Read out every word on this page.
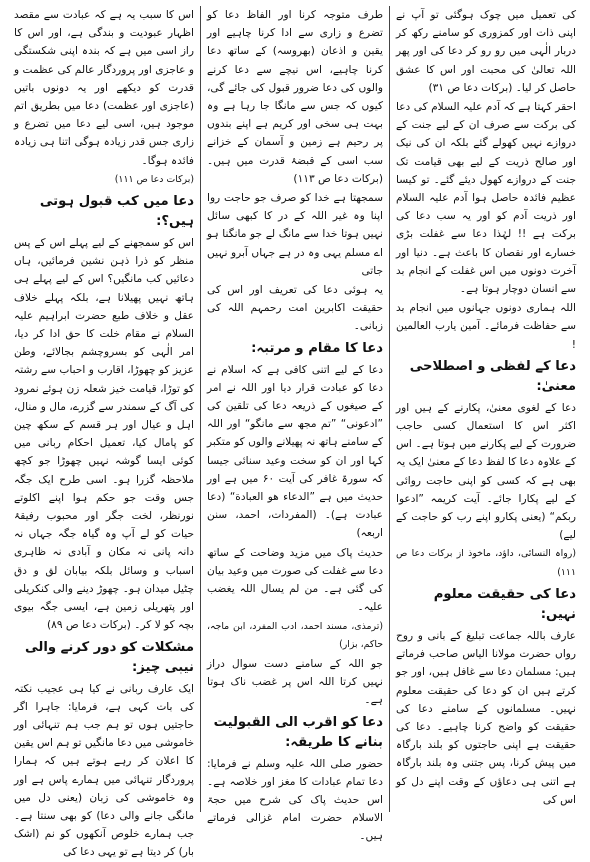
کی تعمیل میں چوک ہوگئی تو آپ نے اپنی ذات اور کمزوری کو سامنے رکھ کر دربار الٰہی میں رو رو کر دعا کی اور پھر اللہ تعالیٰ کی محبت اور اس کا عشق حاصل کر لیا۔ (برکات دعا ص ۳۱)

احقر کہتا ہے کہ آدم علیہ السلام کی دعا کی برکت سے صرف ان کے لیے جنت کے دروازے نہیں کھولے گئے بلکہ ان کی نیک اور صالح ذریت کے لیے بھی قیامت تک جنت کے دروازے کھول دیئے گئے۔ تو کیسا عظیم فائدہ حاصل ہوا آدم علیہ السلام اور ذریت آدم کو اور یہ سب دعا کی برکت ہے !! لہٰذا دعا سے غفلت بڑی خسارے اور نقصان کا باعث ہے۔ دنیا اور آخرت دونوں میں اس غفلت کے انجام بد سے انسان دوچار ہوتا ہے۔

اللہ ہماری دونوں جہانوں میں انجام بد سے حفاظت فرمائے۔ آمین یارب العالمین !

دعا کے لفظی و اصطلاحی معنیٰ:

دعا کے لغوی معنیٰ، پکارنے کے ہیں اور اکثر اس کا استعمال کسی حاجب ضرورت کے لیے پکارنے میں ہوتا ہے۔ اس کے علاوہ دعا کا لفظ دعا کے معنیٰ ایک یہ بھی ہے کہ کسی کو اپنی حاجت روائی کے لیے پکارا جائے۔ آیت کریمہ ”ادعوا ربکم“ (یعنی پکارو اپنے رب کو حاجت کے لیے)

(رواہ النسائی، داؤد، ماخوذ از برکات دعا ص ۱۱۱)

دعا کی حقیقت معلوم نہیں:

عارف باللہ جماعت تبلیغ کے بانی و روح رواں حضرت مولانا الیاس صاحب فرماتے ہیں: مسلمان دعا سے غافل ہیں، اور جو کرتے ہیں ان کو دعا کی حقیقت معلوم نہیں۔ مسلمانوں کے سامنے دعا کی حقیقت کو واضح کرنا چاہیے۔ دعا کی حقیقت ہے اپنی حاجتوں کو بلند بارگاہ میں پیش کرنا، پس جتنی وہ بلند بارگاہ ہے اتنی ہی دعاؤں کے وقت اپنے دل کو اس کی

طرف متوجہ کرنا اور الفاظ دعا کو تضرع و زاری سے ادا کرنا چاہیے اور یقین و اذعان (بھروسہ) کے ساتھ دعا کرنا چاہیے، اس نیچے سے دعا کرنے والوں کی دعا ضرور قبول کی جائے گی، کیوں کہ جس سے مانگا جا رہا ہے وہ بہت ہی سخی اور کریم ہے اپنے بندوں پر رحیم ہے زمین و آسمان کے خزانے سب اسی کے قبضۂ قدرت میں ہیں۔ (برکات دعا ص ۱۱۳)

سمجھتا ہے خدا کو صرف جو حاجت روا اپنا وہ غیر اللہ کے در کا کبھی سائل نہیں ہوتا خدا سے مانگ لے جو مانگنا ہو اے مسلم یہی وہ در ہے جہاں آبرو نہیں جاتی

یہ ہوئی دعا کی تعریف اور اس کی حقیقت اکابرین امت رحمہم اللہ کی زبانی۔

دعا کا مقام و مرتبہ:

دعا کے لیے اتنی کافی ہے کہ اسلام نے دعا کو عبادت قرار دیا اور اللہ نے امر کے صیغوں کے ذریعہ دعا کی تلقین کی ”ادعونی“ ”تم مجھ سے مانگو“ اور اللہ کے سامنے ہاتھ نہ پھیلانے والوں کو متکبر کہا اور ان کو سخت وعید سنائی جیسا کہ سورۃ غافر کی آیت ۶۰ میں ہے اور حدیث میں ہے ”الدعاء هو العبادة“ (دعا عبادت ہے)۔ (المفردات، احمد، سنن اربعہ)

حدیث پاک میں مزید وضاحت کے ساتھ دعا سے غفلت کی صورت میں وعید بیان کی گئی ہے۔ من لم یسال اللہ یغضب علیہ۔

(ترمذی، مسند احمد، ادب المفرد، ابن ماجہ، حاکم، بزار)

جو اللہ کے سامنے دست سوال دراز نہیں کرتا اللہ اس پر غضب ناک ہوتا ہے۔

دعا کو اقرب الی القبولیت بنانے کا طریقہ:

حضور صلی اللہ علیہ وسلم نے فرمایا: دعا تمام عبادات کا مغز اور خلاصہ ہے۔ اس حدیث پاک کی شرح میں حجۃ الاسلام حضرت امام غزالی فرماتے ہیں۔

اس کا سبب یہ ہے کہ عبادت سے مقصد اظہار عبودیت و بندگی ہے، اور اس کا راز اسی میں ہے کہ بندہ اپنی شکستگی و عاجزی اور پروردگار عالم کی عظمت و قدرت کو دیکھے اور یہ دونوں باتیں (عاجزی اور عظمت) دعا میں بطریق اتم موجود ہیں، اسی لیے دعا میں تضرع و زاری جس قدر زیادہ ہوگی اتنا ہی زیادہ فائدہ ہوگا۔

(برکات دعا ص ۱۱۱)

دعا میں کب قبول ہوتی ہیں؟:

اس کو سمجھنے کے لیے پہلے اس کے پس منظر کو ذرا ذہن نشین فرمائیں، ہاں دعائیں کب مانگیں؟ اس کے لیے پہلے ہی ہاتھ نہیں پھیلانا ہے، بلکہ پہلے خلاف عقل و خلاف طبع حضرت ابراہیم علیہ السلام نے مقام خلت کا حق ادا کر دیا، امر الٰہی کو بسروچشم بجالائے، وطن عزیز کو چھوڑا، اقارب و احباب سے رشتہ کو توڑا، قیامت خیز شعلہ زن ہوئے نمرود کی آگ کے سمندر سے گزرے، مال و منال، اہل و عیال اور ہر قسم کے سکھ چین کو پامال کیا، تعمیل احکام ربانی میں کوئی ایسا گوشہ نہیں چھوڑا جو کچھ ملاحظہ گزرا ہو۔ اسی طرح ایک جگہ جس وقت جو حکم ہوا اپنے اکلوتے نورنظر، لخت جگر اور محبوب رفیقۂ حیات کو لے آپ وہ گیاہ جگہ جہاں نہ دانہ پانی نہ مکان و آبادی نہ ظاہری اسباب و وسائل بلکہ بیابان لق و دق چٹیل میدان ہو۔ چھوڑ دینے والی کنکریلی اور پتھریلی زمین ہے، ایسی جگہ بیوی بچہ کو لا کر۔ (برکات دعا ص ۸۹)

مشکلات کو دور کرنے والی نیبی چیز:

ایک عارف ربانی نے کیا ہی عجیب نکتہ کی بات کہی ہے، فرمایا: جاہرا اگر حاجتیں ہوں تو ہم جب ہم تنہائی اور خاموشی میں دعا مانگیں تو ہم اس یقین کا اعلان کر رہے ہوتے ہیں کہ ہمارا پروردگار تنہائی میں ہمارے پاس ہے اور وہ خاموشی کی زبان (یعنی دل میں مانگی جانے والی دعا) کو بھی سنتا ہے۔ جب ہمارے خلوص آنکھوں کو نم (اشک بار) کر دیتا ہے تو یہی دعا کی
